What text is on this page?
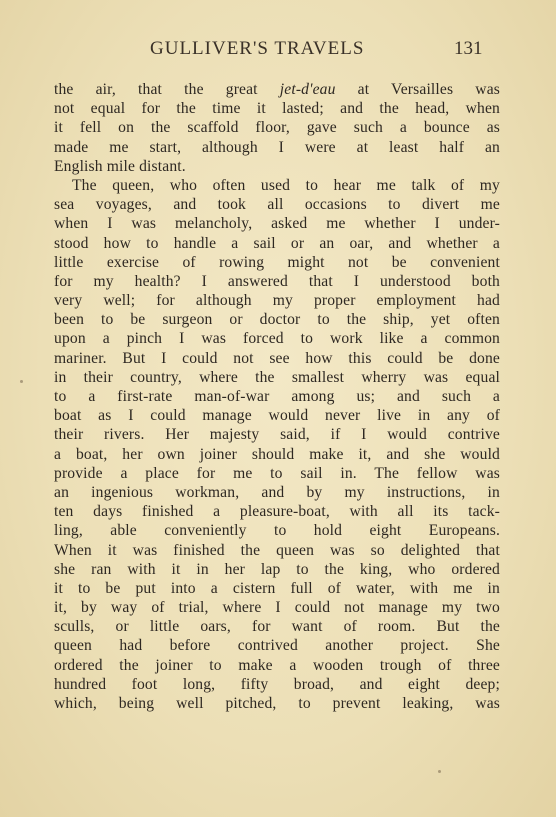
GULLIVER'S TRAVELS	131
the air, that the great jet-d'eau at Versailles was
not equal for the time it lasted; and the head, when
it fell on the scaffold floor, gave such a bounce as
made me start, although I were at least half an
English mile distant.
The queen, who often used to hear me talk of my
sea voyages, and took all occasions to divert me
when I was melancholy, asked me whether I under-
stood how to handle a sail or an oar, and whether a
little exercise of rowing might not be convenient
for my health? I answered that I understood both
very well; for although my proper employment had
been to be surgeon or doctor to the ship, yet often
upon a pinch I was forced to work like a common
mariner. But I could not see how this could be done
in their country, where the smallest wherry was equal
to a first-rate man-of-war among us; and such a
boat as I could manage would never live in any of
their rivers. Her majesty said, if I would contrive
a boat, her own joiner should make it, and she would
provide a place for me to sail in. The fellow was
an ingenious workman, and by my instructions, in
ten days finished a pleasure-boat, with all its tack-
ling, able conveniently to hold eight Europeans.
When it was finished the queen was so delighted that
she ran with it in her lap to the king, who ordered
it to be put into a cistern full of water, with me in
it, by way of trial, where I could not manage my two
sculls, or little oars, for want of room. But the
queen had before contrived another project. She
ordered the joiner to make a wooden trough of three
hundred foot long, fifty broad, and eight deep;
which, being well pitched, to prevent leaking, was
